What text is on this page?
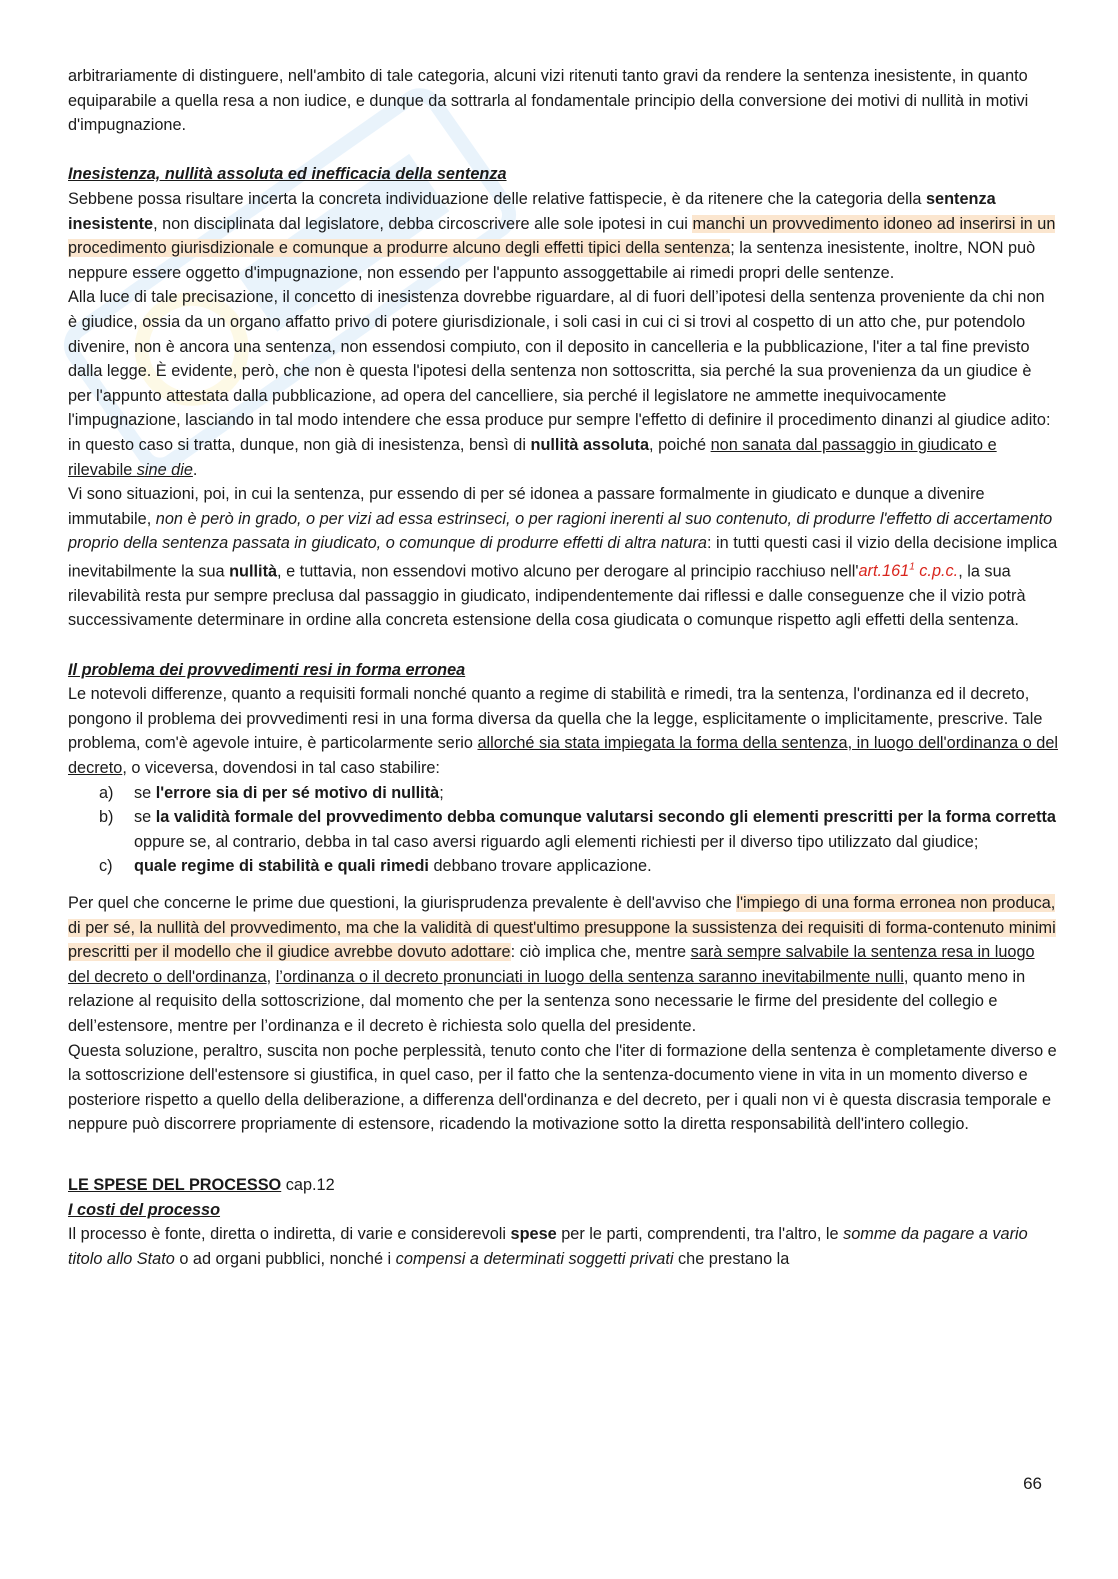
arbitrariamente di distinguere, nell'ambito di tale categoria, alcuni vizi ritenuti tanto gravi da rendere la sentenza inesistente, in quanto equiparabile a quella resa a non iudice, e dunque da sottrarla al fondamentale principio della conversione dei motivi di nullità in motivi d'impugnazione.

Inesistenza, nullità assoluta ed inefficacia della sentenza

Sebbene possa risultare incerta la concreta individuazione delle relative fattispecie, è da ritenere che la categoria della sentenza inesistente, non disciplinata dal legislatore, debba circoscrivere alle sole ipotesi in cui manchi un provvedimento idoneo ad inserirsi in un procedimento giurisdizionale e comunque a produrre alcuno degli effetti tipici della sentenza; la sentenza inesistente, inoltre, NON può neppure essere oggetto d'impugnazione, non essendo per l'appunto assoggettabile ai rimedi propri delle sentenze.

Alla luce di tale precisazione, il concetto di inesistenza dovrebbe riguardare, al di fuori dell’ipotesi della sentenza proveniente da chi non è giudice, ossia da un organo affatto privo di potere giurisdizionale, i soli casi in cui ci si trovi al cospetto di un atto che, pur potendolo divenire, non è ancora una sentenza, non essendosi compiuto, con il deposito in cancelleria e la pubblicazione, l'iter a tal fine previsto dalla legge. È evidente, però, che non è questa l'ipotesi della sentenza non sottoscritta, sia perché la sua provenienza da un giudice è per l'appunto attestata dalla pubblicazione, ad opera del cancelliere, sia perché il legislatore ne ammette inequivocamente l'impugnazione, lasciando in tal modo intendere che essa produce pur sempre l'effetto di definire il procedimento dinanzi al giudice adito: in questo caso si tratta, dunque, non già di inesistenza, bensì di nullità assoluta, poiché non sanata dal passaggio in giudicato e rilevabile sine die.

Vi sono situazioni, poi, in cui la sentenza, pur essendo di per sé idonea a passare formalmente in giudicato e dunque a divenire immutabile, non è però in grado, o per vizi ad essa estrinseci, o per ragioni inerenti al suo contenuto, di produrre l'effetto di accertamento proprio della sentenza passata in giudicato, o comunque di produrre effetti di altra natura: in tutti questi casi il vizio della decisione implica inevitabilmente la sua nullità, e tuttavia, non essendovi motivo alcuno per derogare al principio racchiuso nell'art.161$^1$ c.p.c., la sua rilevabilità resta pur sempre preclusa dal passaggio in giudicato, indipendentemente dai riflessi e dalle conseguenze che il vizio potrà successivamente determinare in ordine alla concreta estensione della cosa giudicata o comunque rispetto agli effetti della sentenza.

Il problema dei provvedimenti resi in forma erronea

Le notevoli differenze, quanto a requisiti formali nonché quanto a regime di stabilità e rimedi, tra la sentenza, l'ordinanza ed il decreto, pongono il problema dei provvedimenti resi in una forma diversa da quella che la legge, esplicitamente o implicitamente, prescrive. Tale problema, com'è agevole intuire, è particolarmente serio allorché sia stata impiegata la forma della sentenza, in luogo dell'ordinanza o del decreto, o viceversa, dovendosi in tal caso stabilire:

a) se l'errore sia di per sé motivo di nullità;
b) se la validità formale del provvedimento debba comunque valutarsi secondo gli elementi prescritti per la forma corretta oppure se, al contrario, debba in tal caso aversi riguardo agli elementi richiesti per il diverso tipo utilizzato dal giudice;
c) quale regime di stabilità e quali rimedi debbano trovare applicazione.

Per quel che concerne le prime due questioni, la giurisprudenza prevalente è dell'avviso che l'impiego di una forma erronea non produca, di per sé, la nullità del provvedimento, ma che la validità di quest'ultimo presuppone la sussistenza dei requisiti di forma-contenuto minimi prescritti per il modello che il giudice avrebbe dovuto adottare: ciò implica che, mentre sarà sempre salvabile la sentenza resa in luogo del decreto o dell'ordinanza, l’ordinanza o il decreto pronunciati in luogo della sentenza saranno inevitabilmente nulli, quanto meno in relazione al requisito della sottoscrizione, dal momento che per la sentenza sono necessarie le firme del presidente del collegio e dell’estensore, mentre per l’ordinanza e il decreto è richiesta solo quella del presidente.

Questa soluzione, peraltro, suscita non poche perplessità, tenuto conto che l'iter di formazione della sentenza è completamente diverso e la sottoscrizione dell'estensore si giustifica, in quel caso, per il fatto che la sentenza-documento viene in vita in un momento diverso e posteriore rispetto a quello della deliberazione, a differenza dell'ordinanza e del decreto, per i quali non vi è questa discrasia temporale e neppure può discorrere propriamente di estensore, ricadendo la motivazione sotto la diretta responsabilità dell'intero collegio.

LE SPESE DEL PROCESSO cap.12

I costi del processo

Il processo è fonte, diretta o indiretta, di varie e considerevoli spese per le parti, comprendenti, tra l'altro, le somme da pagare a vario titolo allo Stato o ad organi pubblici, nonché i compensi a determinati soggetti privati che prestano la

66
